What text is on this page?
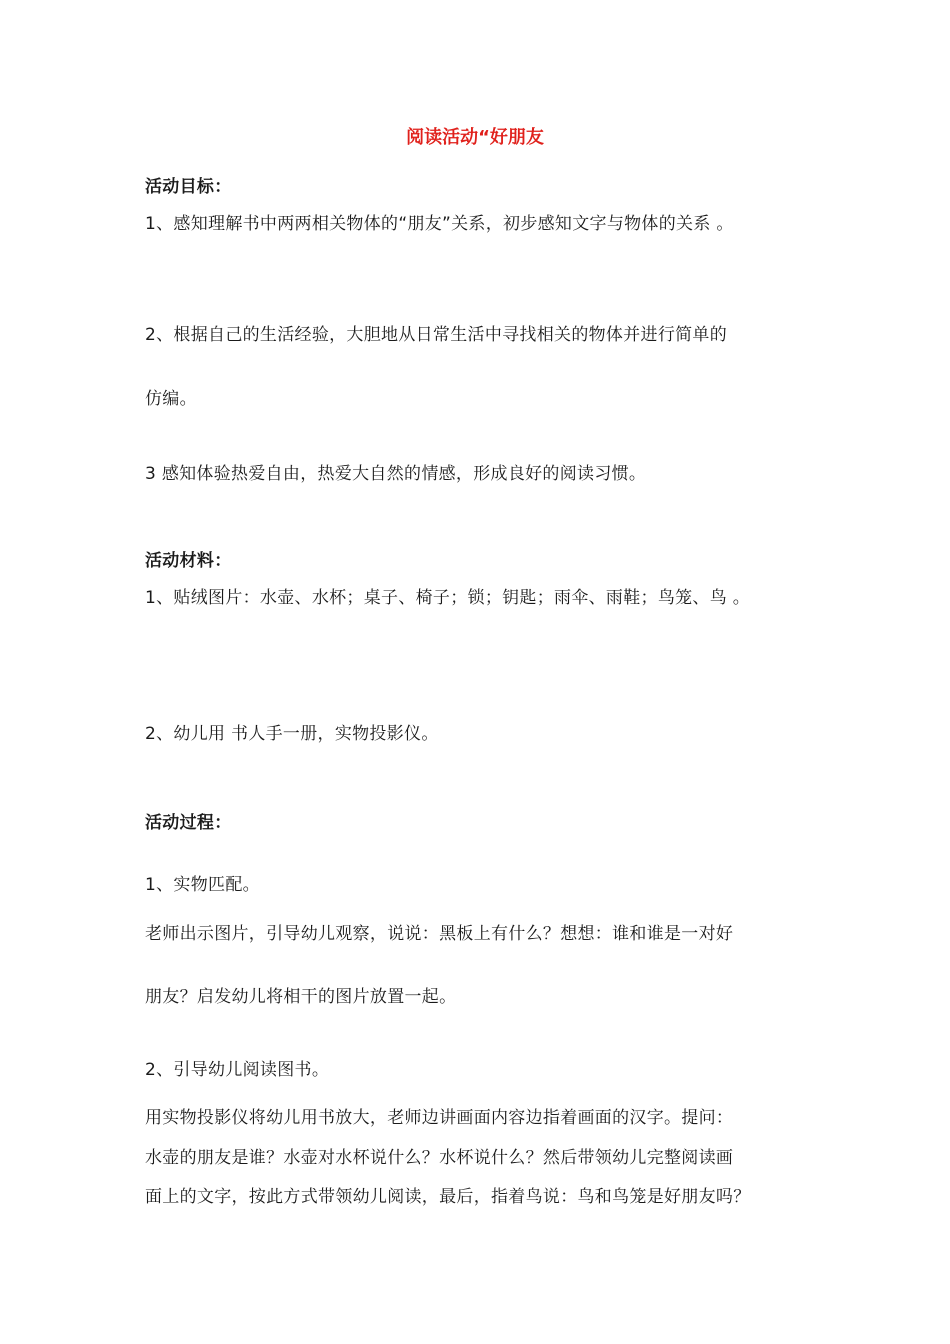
阅读活动“好朋友
活动目标：
1、感知理解书中两两相关物体的“朋友”关系，初步感知文字与物体的关系 。
2、根据自己的生活经验，大胆地从日常生活中寻找相关的物体并进行简单的
仿编。
3 感知体验热爱自由，热爱大自然的情感，形成良好的阅读习惯。
活动材料：
1、贴绒图片：水壶、水杯；桌子、椅子；锁；钥匙；雨伞、雨鞋；鸟笼、鸟 。
2、幼儿用 书人手一册，实物投影仪。
活动过程：
1、实物匹配。
老师出示图片，引导幼儿观察，说说：黑板上有什么？想想：谁和谁是一对好
朋友？启发幼儿将相干的图片放置一起。
2、引导幼儿阅读图书。
用实物投影仪将幼儿用书放大，老师边讲画面内容边指着画面的汉字。提问：
水壶的朋友是谁？水壶对水杯说什么？水杯说什么？然后带领幼儿完整阅读画
面上的文字，按此方式带领幼儿阅读，最后，指着鸟说：鸟和鸟笼是好朋友吗？
